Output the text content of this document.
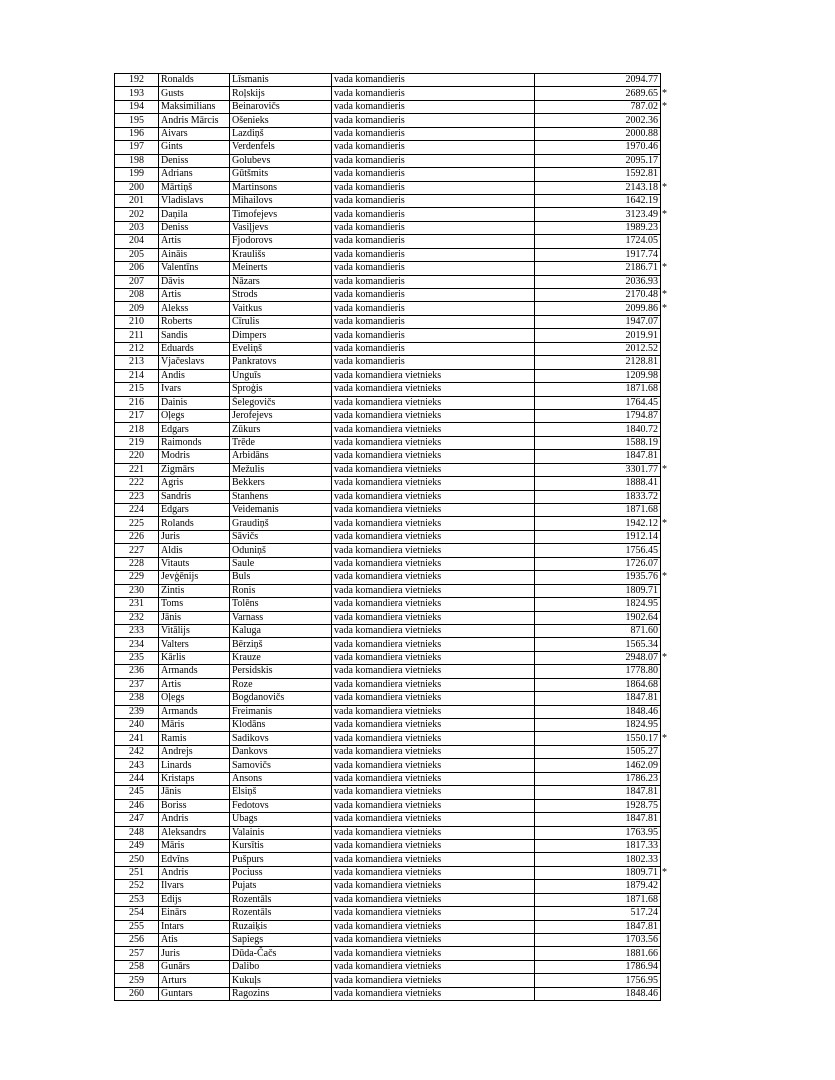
192	Ronalds	Līsmanis	vada komandieris	2094.77	
193	Gusts	Roļskijs	vada komandieris	2689.65	*
194	Maksimilians	Beinarovičs	vada komandieris	787.02	*
195	Andris Mārcis	Ošenieks	vada komandieris	2002.36	
196	Aivars	Lazdiņš	vada komandieris	2000.88	
197	Gints	Verdenfels	vada komandieris	1970.46	
198	Deniss	Golubevs	vada komandieris	2095.17	
199	Adrians	Gūtšmits	vada komandieris	1592.81	
200	Mārtiņš	Martinsons	vada komandieris	2143.18	*
201	Vladislavs	Mihailovs	vada komandieris	1642.19	
202	Daņila	Timofejevs	vada komandieris	3123.49	*
203	Deniss	Vasiļjevs	vada komandieris	1989.23	
204	Artis	Fjodorovs	vada komandieris	1724.05	
205	Aināis	Kraulišs	vada komandieris	1917.74	
206	Valentīns	Meinerts	vada komandieris	2186.71	*
207	Dāvis	Nāzars	vada komandieris	2036.93	
208	Artis	Strods	vada komandieris	2170.48	*
209	Alekss	Vaitkus	vada komandieris	2099.86	*
210	Roberts	Cīrulis	vada komandieris	1947.07	
211	Sandis	Dimpers	vada komandieris	2019.91	
212	Eduards	Eveliņš	vada komandieris	2012.52	
213	Vjačeslavs	Pankratovs	vada komandieris	2128.81	
214	Andis	Unguīs	vada komandiera vietnieks	1209.98	
215	Ivars	Sproģis	vada komandiera vietnieks	1871.68	
216	Dainis	Šelegovičs	vada komandiera vietnieks	1764.45	
217	Oļegs	Jerofejevs	vada komandiera vietnieks	1794.87	
218	Edgars	Zūkurs	vada komandiera vietnieks	1840.72	
219	Raimonds	Trēde	vada komandiera vietnieks	1588.19	
220	Modris	Arbidāns	vada komandiera vietnieks	1847.81	
221	Zigmārs	Mežulis	vada komandiera vietnieks	3301.77	*
222	Agris	Bekkers	vada komandiera vietnieks	1888.41	
223	Sandris	Stanhens	vada komandiera vietnieks	1833.72	
224	Edgars	Veidemanis	vada komandiera vietnieks	1871.68	
225	Rolands	Graudiņš	vada komandiera vietnieks	1942.12	*
226	Juris	Sāvičs	vada komandiera vietnieks	1912.14	
227	Aldis	Oduniņš	vada komandiera vietnieks	1756.45	
228	Vitauts	Saule	vada komandiera vietnieks	1726.07	
229	Jevģēnijs	Buls	vada komandiera vietnieks	1935.76	*
230	Zintis	Ronis	vada komandiera vietnieks	1809.71	
231	Toms	Tolēns	vada komandiera vietnieks	1824.95	
232	Jānis	Varnass	vada komandiera vietnieks	1902.64	
233	Vitālijs	Kaluga	vada komandiera vietnieks	871.60	
234	Valters	Bērziņš	vada komandiera vietnieks	1565.34	
235	Kārlis	Krauze	vada komandiera vietnieks	2948.07	*
236	Armands	Persidskis	vada komandiera vietnieks	1778.80	
237	Artis	Roze	vada komandiera vietnieks	1864.68	
238	Oļegs	Bogdanovičs	vada komandiera vietnieks	1847.81	
239	Armands	Freimanis	vada komandiera vietnieks	1848.46	
240	Māris	Klodāns	vada komandiera vietnieks	1824.95	
241	Ramis	Sadikovs	vada komandiera vietnieks	1550.17	*
242	Andrejs	Dankovs	vada komandiera vietnieks	1505.27	
243	Linards	Samovičs	vada komandiera vietnieks	1462.09	
244	Kristaps	Ansons	vada komandiera vietnieks	1786.23	
245	Jānis	Elsiņš	vada komandiera vietnieks	1847.81	
246	Boriss	Fedotovs	vada komandiera vietnieks	1928.75	
247	Andris	Ubags	vada komandiera vietnieks	1847.81	
248	Aleksandrs	Valainis	vada komandiera vietnieks	1763.95	
249	Māris	Kursītis	vada komandiera vietnieks	1817.33	
250	Edvīns	Pušpurs	vada komandiera vietnieks	1802.33	
251	Andris	Pociuss	vada komandiera vietnieks	1809.71	*
252	Ilvars	Pujats	vada komandiera vietnieks	1879.42	
253	Edijs	Rozentāls	vada komandiera vietnieks	1871.68	
254	Einārs	Rozentāls	vada komandiera vietnieks	517.24	
255	Intars	Ruzaiķis	vada komandiera vietnieks	1847.81	
256	Atis	Sapiegs	vada komandiera vietnieks	1703.56	
257	Juris	Dūda-Čačs	vada komandiera vietnieks	1881.66	
258	Gunārs	Dalibo	vada komandiera vietnieks	1786.94	
259	Arturs	Kukuļs	vada komandiera vietnieks	1756.95	
260	Guntars	Ragozins	vada komandiera vietnieks	1848.46	
